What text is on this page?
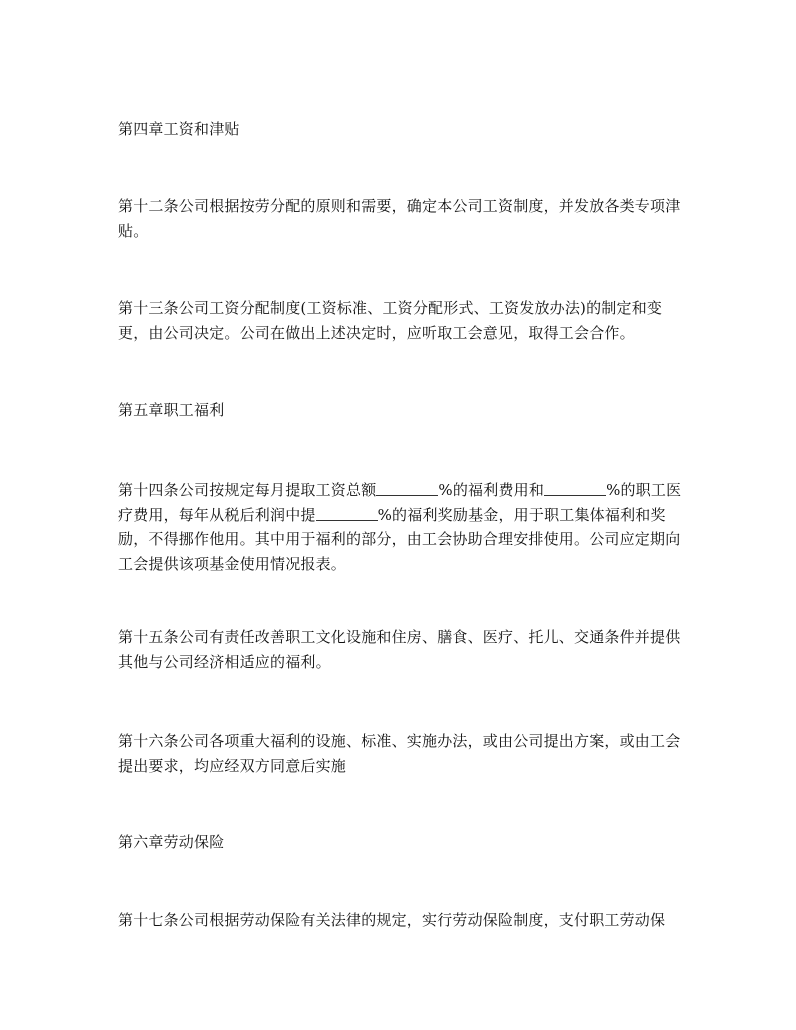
第四章工资和津贴

第十二条公司根据按劳分配的原则和需要，确定本公司工资制度，并发放各类专项津贴。

第十三条公司工资分配制度(工资标准、工资分配形式、工资发放办法)的制定和变更，由公司决定。公司在做出上述决定时，应听取工会意见，取得工会合作。

第五章职工福利

第十四条公司按规定每月提取工资总额	%的福利费用和	%的职工医疗费用，每年从税后利润中提	%的福利奖励基金，用于职工集体福利和奖励，不得挪作他用。其中用于福利的部分，由工会协助合理安排使用。公司应定期向工会提供该项基金使用情况报表。

第十五条公司有责任改善职工文化设施和住房、膳食、医疗、托儿、交通条件并提供其他与公司经济相适应的福利。

第十六条公司各项重大福利的设施、标准、实施办法，或由公司提出方案，或由工会提出要求，均应经双方同意后实施

第六章劳动保险

第十七条公司根据劳动保险有关法律的规定，实行劳动保险制度，支付职工劳动保
